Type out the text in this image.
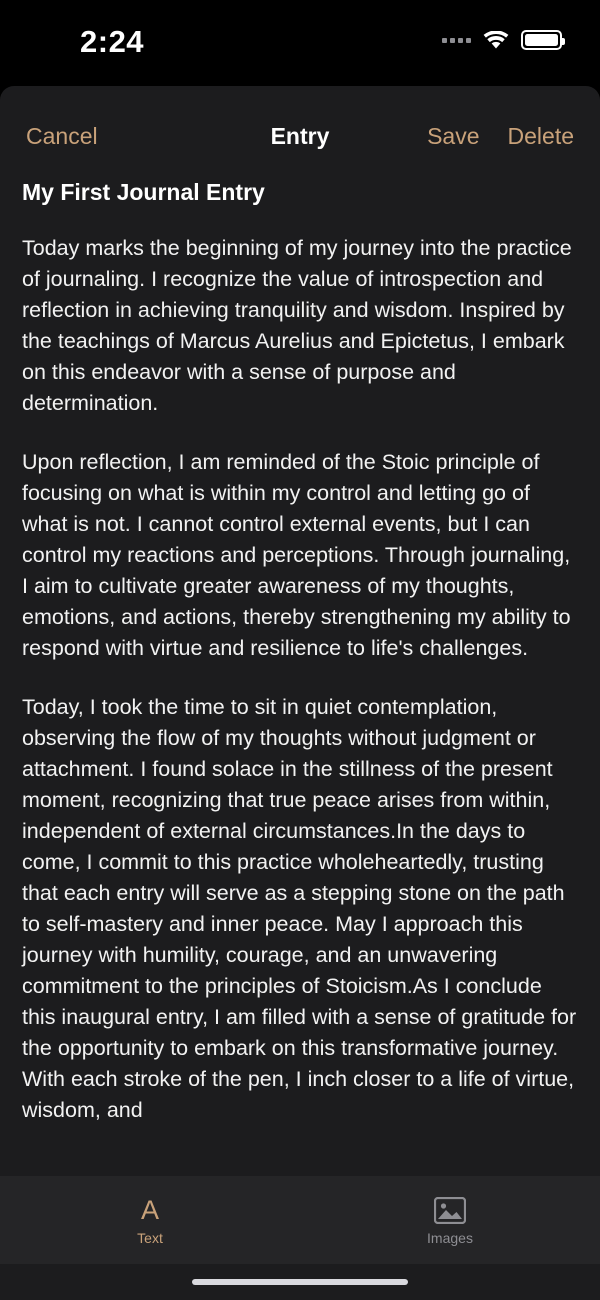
2:24
Cancel	Entry	Save Delete
My First Journal Entry

Today marks the beginning of my journey into the practice of journaling. I recognize the value of introspection and reflection in achieving tranquility and wisdom. Inspired by the teachings of Marcus Aurelius and Epictetus, I embark on this endeavor with a sense of purpose and determination.

Upon reflection, I am reminded of the Stoic principle of focusing on what is within my control and letting go of what is not. I cannot control external events, but I can control my reactions and perceptions. Through journaling, I aim to cultivate greater awareness of my thoughts, emotions, and actions, thereby strengthening my ability to respond with virtue and resilience to life's challenges.

Today, I took the time to sit in quiet contemplation, observing the flow of my thoughts without judgment or attachment. I found solace in the stillness of the present moment, recognizing that true peace arises from within, independent of external circumstances.In the days to come, I commit to this practice wholeheartedly, trusting that each entry will serve as a stepping stone on the path to self-mastery and inner peace. May I approach this journey with humility, courage, and an unwavering commitment to the principles of Stoicism.As I conclude this inaugural entry, I am filled with a sense of gratitude for the opportunity to embark on this transformative journey. With each stroke of the pen, I inch closer to a life of virtue, wisdom, and

A
Text	Images
